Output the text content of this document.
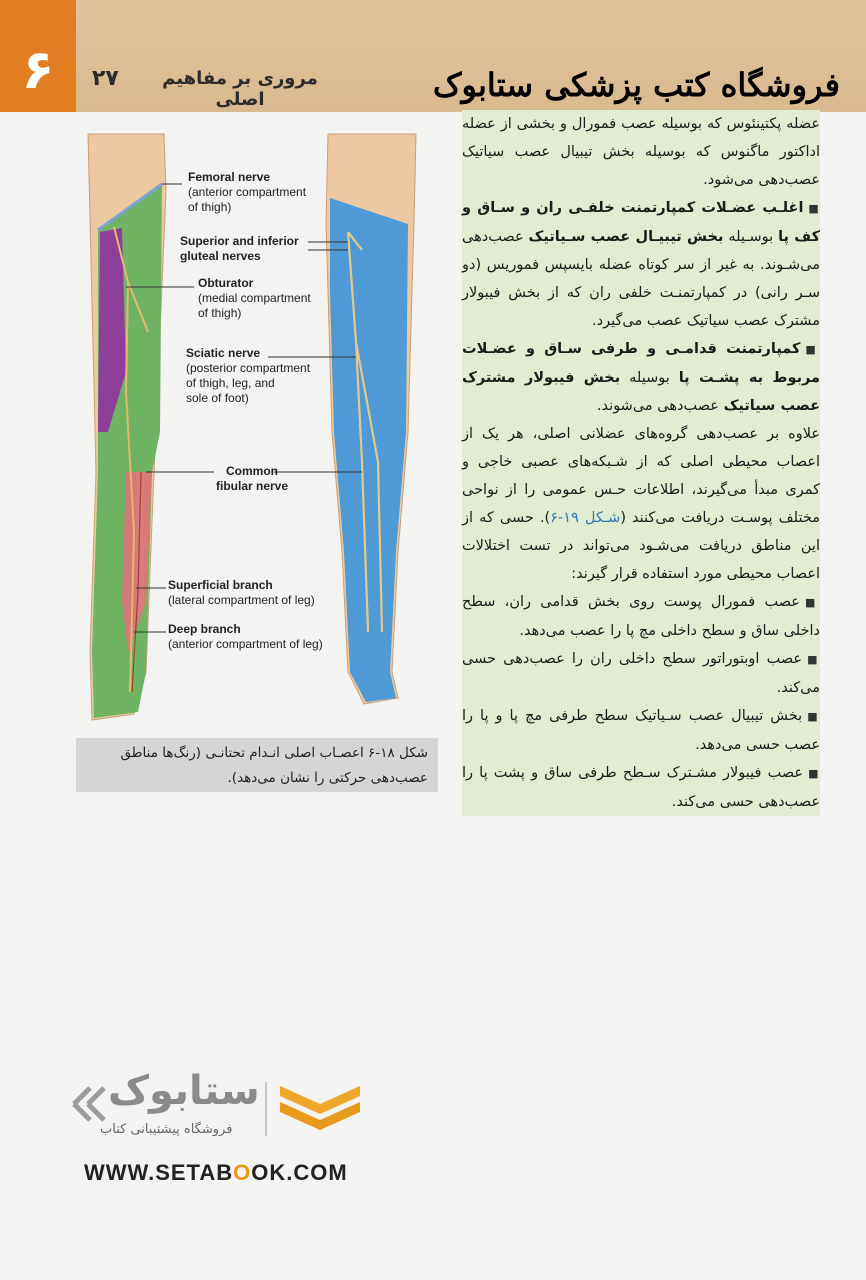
۶	۲۷	مروری بر مفاهیم اصلی	فروشگاه کتب پزشکی ستابوک
Femoral nerve
(anterior compartment
of thigh)
Superior and inferior
gluteal nerves
Obturator
(medial compartment
of thigh)
Sciatic nerve
(posterior compartment
of thigh, leg, and
sole of foot)
Common
fibular nerve
Superficial branch
(lateral compartment of leg)
Deep branch
(anterior compartment of leg)
شکل ۱۸-۶ اعصـاب اصلی انـدام تحتانـی (رنگ‌ها مناطق عصب‌دهی حرکتی را نشان می‌دهد).

عضله پکتینئوس که بوسیله عصب فمورال و بخشی از عضله اداکتور ماگنوس که بوسیله بخش تیبیال عصب سیاتیک عصب‌دهی می‌شود.

■ اغلـب عضـلات کمپارتمنت خلفـی ران و سـاق و کف پا بوسـیله بخش تیبیـال عصب سـیاتیک عصب‌دهی می‌شـوند. به غیر از سر کوتاه عضله بایسپس فموریس (دو سـر رانی) در کمپارتمنـت خلفی ران که از بخش فیبولار مشترک عصب سیاتیک عصب می‌گیرد.

■ کمپارتمنت قدامـی و طرفی سـاق و عضـلات مربوط به پشـت پا بوسیله بخش فیبولار مشترک عصب سیاتیک عصب‌دهی می‌شوند.

علاوه بر عصب‌دهی گروه‌های عضلانی اصلی، هر یک از اعصاب محیطی اصلی که از شـبکه‌های عصبی خاجی و کمری مبدأ می‌گیرند، اطلاعات حـس عمومی را از نواحی مختلف پوسـت دریافت می‌کنند (شـکل ۱۹-۶). حسی که از این مناطق دریافت می‌شـود می‌تواند در تست اختلالات اعصاب محیطی مورد استفاده قرار گیرند:

■ عصب فمورال پوست روی بخش قدامی ران، سطح داخلی ساق و سطح داخلی مچ پا را عصب می‌دهد.

■ عصب اوبتوراتور سطح داخلی ران را عصب‌دهی حسی می‌کند.

■ بخش تیبیال عصب سـیاتیک سطح طرفی مچ پا و پا را عصب حسی می‌دهد.

■ عصب فیبولار مشـترک سـطح طرفی ساق و پشت پا را عصب‌دهی حسی می‌کند.

ستابوک
فروشگاه پیشتیبانی کتاب
WWW.SETABOOK.COM
